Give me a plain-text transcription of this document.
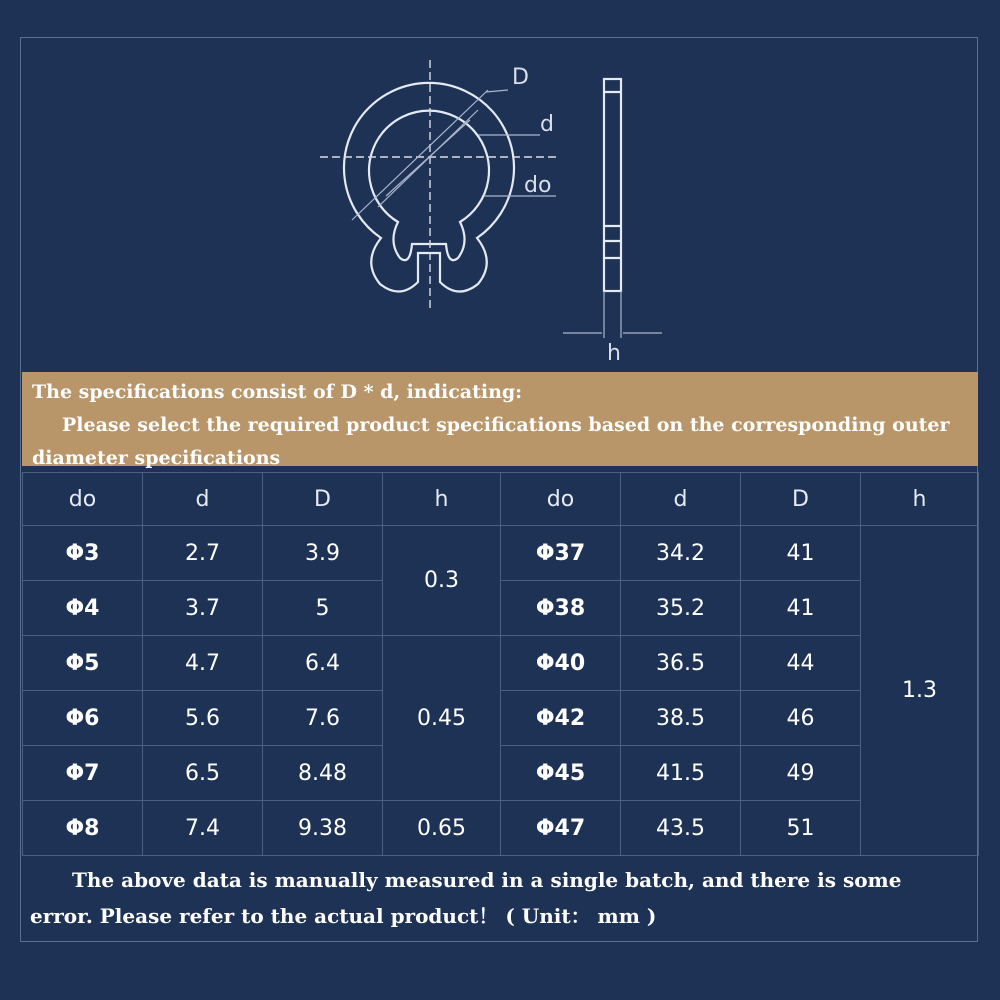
D
d
do
h
The specifications consist of D * d, indicating:
Please select the required product specifications based on the corresponding outer diameter specifications
do	d	D	h	do	d	D	h
Φ3	2.7	3.9	0.3	Φ37	34.2	41	1.3
Φ4	3.7	5		Φ38	35.2	41	
Φ5	4.7	6.4	0.45	Φ40	36.5	44	
Φ6	5.6	7.6		Φ42	38.5	46	
Φ7	6.5	8.48		Φ45	41.5	49	
Φ8	7.4	9.38	0.65	Φ47	43.5	51	
The above data is manually measured in a single batch, and there is some
error. Please refer to the actual product！ ( Unit： mm )
